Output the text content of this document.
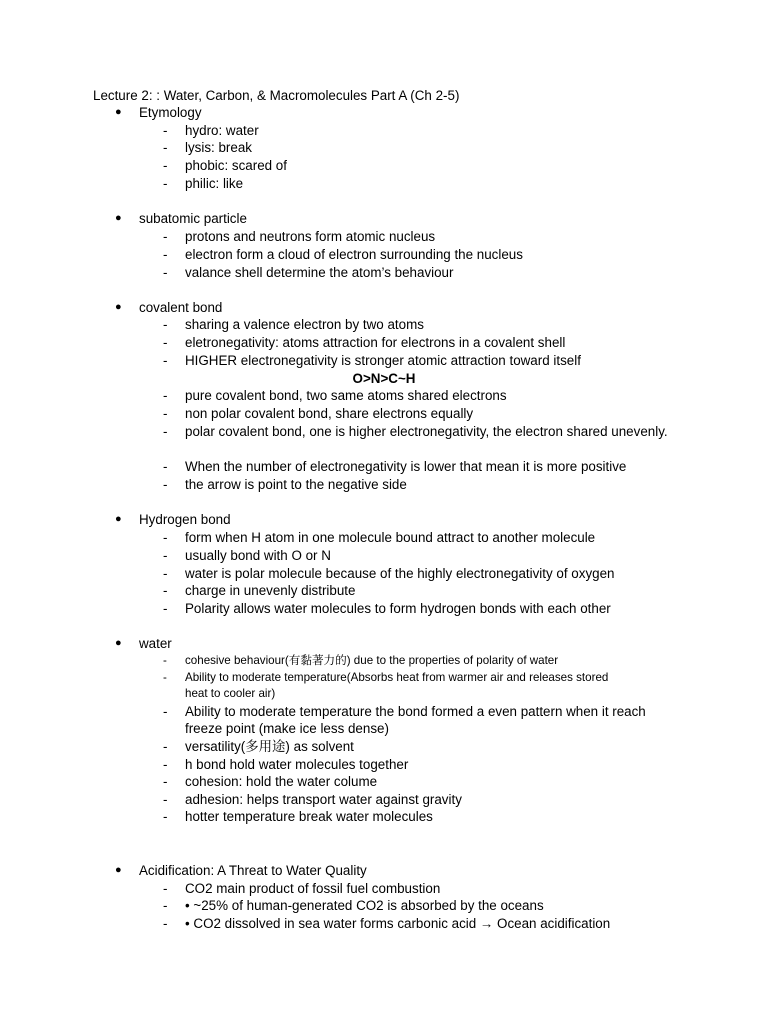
Lecture 2: : Water, Carbon, & Macromolecules Part A (Ch 2-5)
● Etymology
- hydro: water
- lysis: break
- phobic: scared of
- philic: like
● subatomic particle
- protons and neutrons form atomic nucleus
- electron form a cloud of electron surrounding the nucleus
- valance shell determine the atom’s behaviour
● covalent bond
- sharing a valence electron by two atoms
- eletronegativity: atoms attraction for electrons in a covalent shell
- HIGHER electronegativity is stronger atomic attraction toward itself
O>N>C~H
- pure covalent bond, two same atoms shared electrons
- non polar covalent bond, share electrons equally
- polar covalent bond, one is higher electronegativity, the electron shared unevenly.
- When the number of electronegativity is lower that mean it is more positive
- the arrow is point to the negative side
● Hydrogen bond
- form when H atom in one molecule bound attract to another molecule
- usually bond with O or N
- water is polar molecule because of the highly electronegativity of oxygen
- charge in unevenly distribute
- Polarity allows water molecules to form hydrogen bonds with each other
● water
- cohesive behaviour(有黏著力的) due to the properties of polarity of water
- Ability to moderate temperature(Absorbs heat from warmer air and releases stored heat to cooler air)
- Ability to moderate temperature the bond formed a even pattern when it reach freeze point (make ice less dense)
- versatility(多用途) as solvent
- h bond hold water molecules together
- cohesion: hold the water colume
- adhesion: helps transport water against gravity
- hotter temperature break water molecules
● Acidification: A Threat to Water Quality
- CO2 main product of fossil fuel combustion
- • ~25% of human-generated CO2 is absorbed by the oceans
- • CO2 dissolved in sea water forms carbonic acid → Ocean acidification
